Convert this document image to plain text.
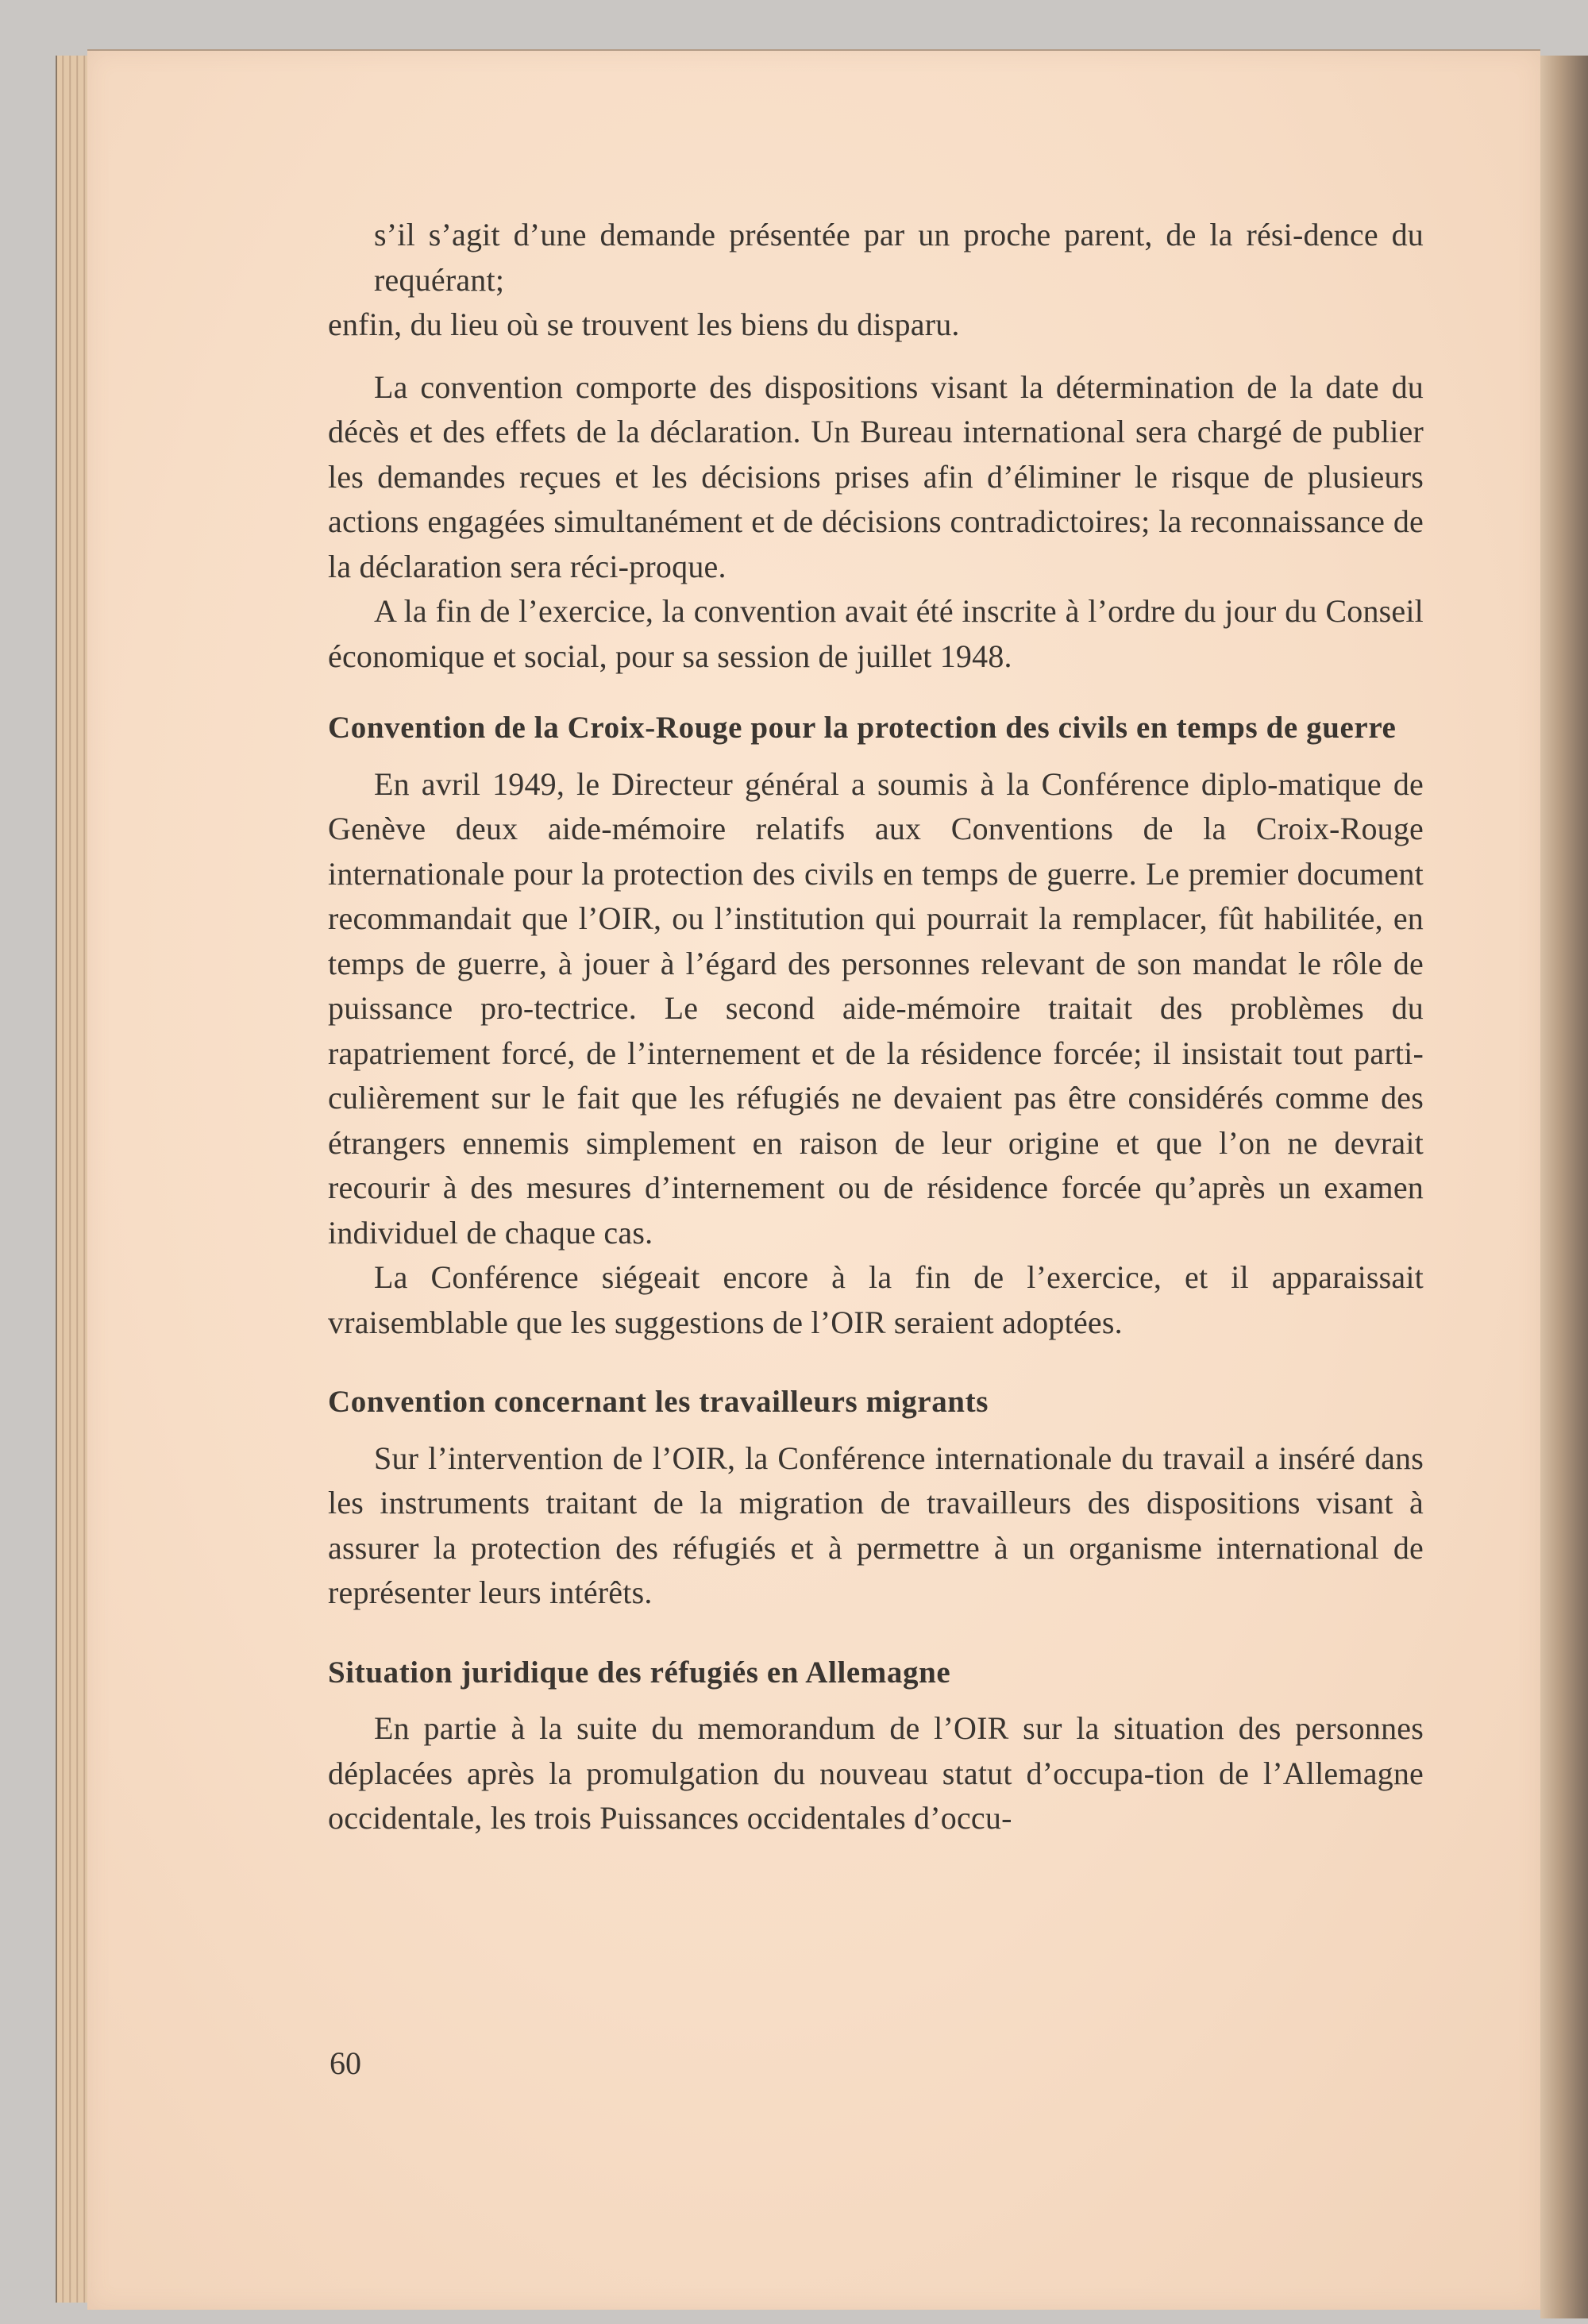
s’il s’agit d’une demande présentée par un proche parent, de la rési-dence du requérant;

enfin, du lieu où se trouvent les biens du disparu.

La convention comporte des dispositions visant la détermination de la date du décès et des effets de la déclaration. Un Bureau international sera chargé de publier les demandes reçues et les décisions prises afin d’éliminer le risque de plusieurs actions engagées simultanément et de décisions contradictoires; la reconnaissance de la déclaration sera réci-proque.

A la fin de l’exercice, la convention avait été inscrite à l’ordre du jour du Conseil économique et social, pour sa session de juillet 1948.

Convention de la Croix-Rouge pour la protection des civils en temps de guerre

En avril 1949, le Directeur général a soumis à la Conférence diplo-matique de Genève deux aide-mémoire relatifs aux Conventions de la Croix-Rouge internationale pour la protection des civils en temps de guerre. Le premier document recommandait que l’OIR, ou l’institution qui pourrait la remplacer, fût habilitée, en temps de guerre, à jouer à l’égard des personnes relevant de son mandat le rôle de puissance pro-tectrice. Le second aide-mémoire traitait des problèmes du rapatriement forcé, de l’internement et de la résidence forcée; il insistait tout parti-culièrement sur le fait que les réfugiés ne devaient pas être considérés comme des étrangers ennemis simplement en raison de leur origine et que l’on ne devrait recourir à des mesures d’internement ou de résidence forcée qu’après un examen individuel de chaque cas.

La Conférence siégeait encore à la fin de l’exercice, et il apparaissait vraisemblable que les suggestions de l’OIR seraient adoptées.

Convention concernant les travailleurs migrants

Sur l’intervention de l’OIR, la Conférence internationale du travail a inséré dans les instruments traitant de la migration de travailleurs des dispositions visant à assurer la protection des réfugiés et à permettre à un organisme international de représenter leurs intérêts.

Situation juridique des réfugiés en Allemagne

En partie à la suite du memorandum de l’OIR sur la situation des personnes déplacées après la promulgation du nouveau statut d’occupa-tion de l’Allemagne occidentale, les trois Puissances occidentales d’occu-

60
